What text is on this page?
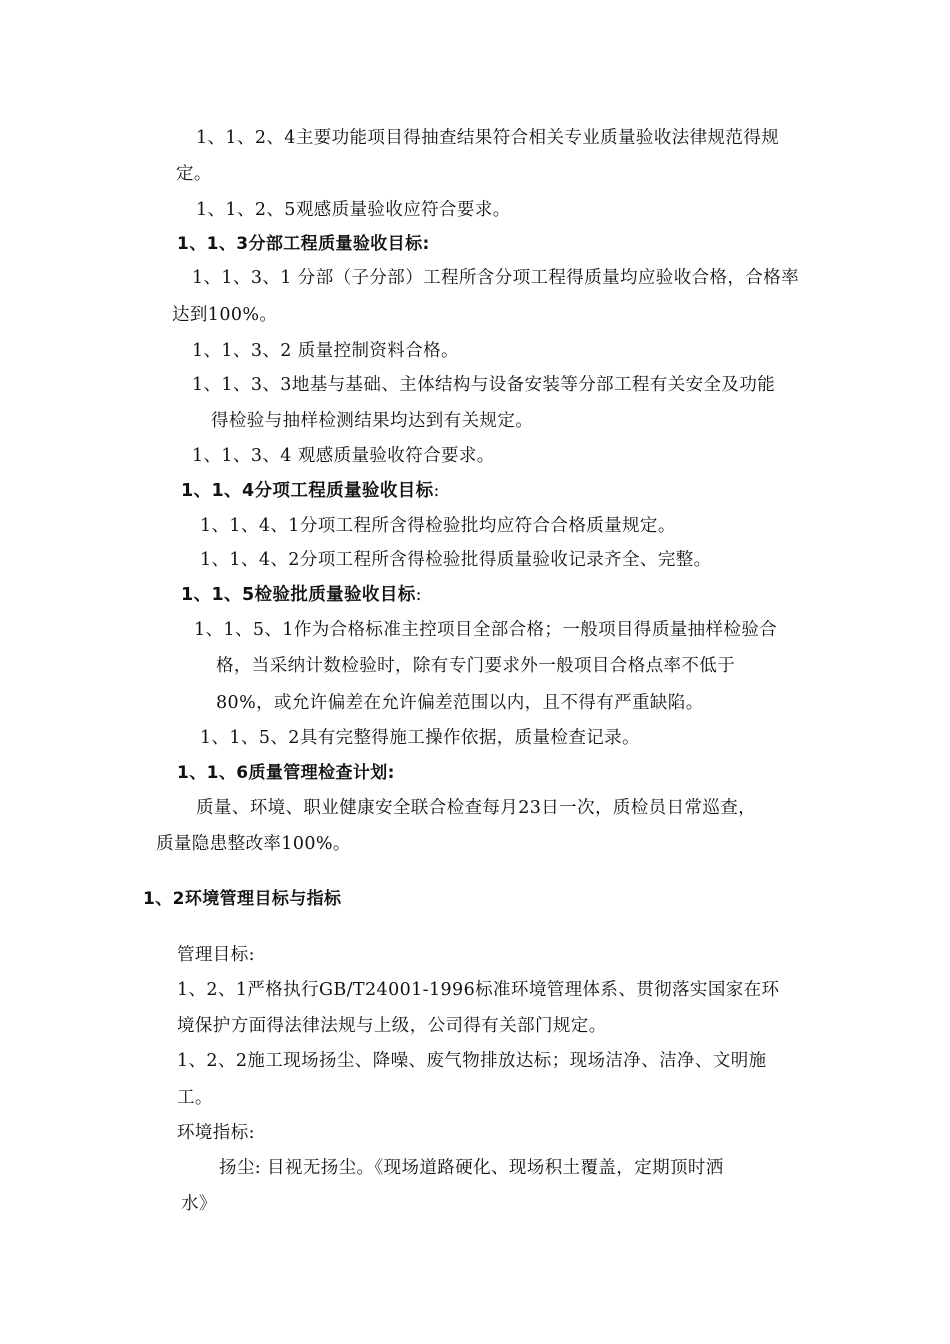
1、1、2、4主要功能项目得抽查结果符合相关专业质量验收法律规范得规
定。
1、1、2、5观感质量验收应符合要求。
1、1、3分部工程质量验收目标:
1、1、3、1 分部（子分部）工程所含分项工程得质量均应验收合格，合格率
达到100%。
1、1、3、2 质量控制资料合格。
1、1、3、3地基与基础、主体结构与设备安装等分部工程有关安全及功能
得检验与抽样检测结果均达到有关规定。
1、1、3、4 观感质量验收符合要求。
1、1、4分项工程质量验收目标:
1、1、4、1分项工程所含得检验批均应符合合格质量规定。
1、1、4、2分项工程所含得检验批得质量验收记录齐全、完整。
1、1、5检验批质量验收目标:
1、1、5、1作为合格标准主控项目全部合格；一般项目得质量抽样检验合
格，当采纳计数检验时，除有专门要求外一般项目合格点率不低于
80%，或允许偏差在允许偏差范围以内，且不得有严重缺陷。
1、1、5、2具有完整得施工操作依据，质量检查记录。
1、1、6质量管理检查计划:
质量、环境、职业健康安全联合检查每月23日一次，质检员日常巡查，
质量隐患整改率100%。
1、2环境管理目标与指标
管理目标:
1、2、1严格执行GB/T24001-1996标准环境管理体系、贯彻落实国家在环
境保护方面得法律法规与上级，公司得有关部门规定。
1、2、2施工现场扬尘、降噪、废气物排放达标；现场洁净、洁净、文明施
工。
环境指标:
扬尘: 目视无扬尘。《现场道路硬化、现场积土覆盖，定期顶时洒
水》
